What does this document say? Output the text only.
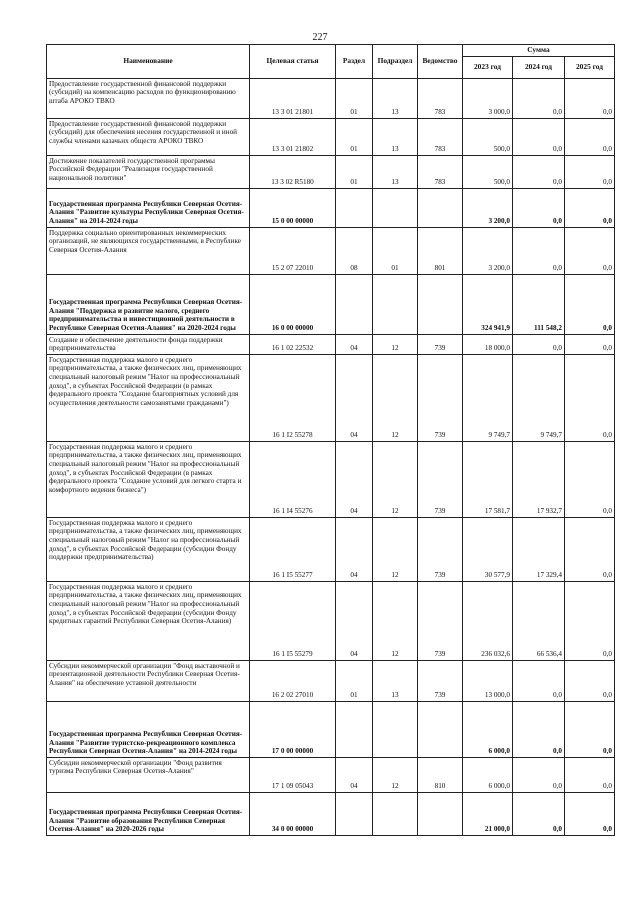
227
Наименование	Целевая статья	Раздел	Подраздел	Ведомство	Сумма		
					2023 год	2024 год	2025 год
Предоставление государственной финансовой поддержки (субсидий) на компенсацию расходов по функционированию штаба АРОКО ТВКО	13 3 01 21801	01	13	783	3 000,0	0,0	0,0
Предоставление государственной финансовой поддержки (субсидий) для обеспечения несения государственной и иной службы членами казачьих обществ АРОКО ТВКО	13 3 01 21802	01	13	783	500,0	0,0	0,0
Достижение показателей государственной программы Российской Федерации "Реализация государственной национальной политики"	13 3 02 R5180	01	13	783	500,0	0,0	0,0
Государственная программа Республики Северная Осетия-Алания "Развитие культуры Республики Северная Осетия-Алания" на 2014-2024 годы	15 0 00 00000				3 200,0	0,0	0,0
Поддержка социально ориентированных некоммерческих организаций, не являющихся государственными, в Республике Северная Осетия-Алания	15 2 07 22010	08	01	801	3 200,0	0,0	0,0
Государственная программа Республики Северная Осетия-Алания "Поддержка и развитие малого, среднего предпринимательства и инвестиционной деятельности в Республике Северная Осетия-Алания" на 2020-2024 годы	16 0 00 00000				324 941,9	111 548,2	0,0
Создание и обеспечение деятельности фонда поддержки предпринимательства	16 1 02 22532	04	12	739	18 000,0	0,0	0,0
Государственная поддержка малого и среднего предпринимательства, а также физических лиц, применяющих специальный налоговый режим "Налог на профессиональный доход", в субъектах Российской Федерации (в рамках федерального проекта "Создание благоприятных условий для осуществления деятельности самозанятыми гражданами")	16 1 I2 55278	04	12	739	9 749,7	9 749,7	0,0
Государственная поддержка малого и среднего предпринимательства, а также физических лиц, применяющих специальный налоговый режим "Налог на профессиональный доход", в субъектах Российской Федерации (в рамках федерального проекта "Создание условий для легкого старта и комфортного ведения бизнеса")	16 1 I4 55276	04	12	739	17 581,7	17 932,7	0,0
Государственная поддержка малого и среднего предпринимательства, а также физических лиц, применяющих специальный налоговый режим "Налог на профессиональный доход", в субъектах Российской Федерации (субсидии Фонду поддержки предпринимательства)	16 1 I5 55277	04	12	739	30 577,9	17 329,4	0,0
Государственная поддержка малого и среднего предпринимательства, а также физических лиц, применяющих специальный налоговый режим "Налог на профессиональный доход", в субъектах Российской Федерации (субсидии Фонду кредитных гарантий Республики Северная Осетия-Алания)	16 1 I5 55279	04	12	739	236 032,6	66 536,4	0,0
Субсидии некоммерческой организации "Фонд выставочной и презентационной деятельности Республики Северная Осетия-Алания" на обеспечение уставной деятельности	16 2 02 27010	01	13	739	13 000,0	0,0	0,0
Государственная программа Республики Северная Осетия-Алания "Развитие туристско-рекреационного комплекса Республики Северная Осетия-Алания" на 2014-2024 годы	17 0 00 00000				6 000,0	0,0	0,0
Субсидии некоммерческой организации "Фонд развития туризма Республики Северная Осетия-Алания"	17 1 09 05043	04	12	810	6 000,0	0,0	0,0
Государственная программа Республики Северная Осетия-Алания "Развитие образования Республики Северная Осетия-Алания" на 2020-2026 годы	34 0 00 00000				21 000,0	0,0	0,0
